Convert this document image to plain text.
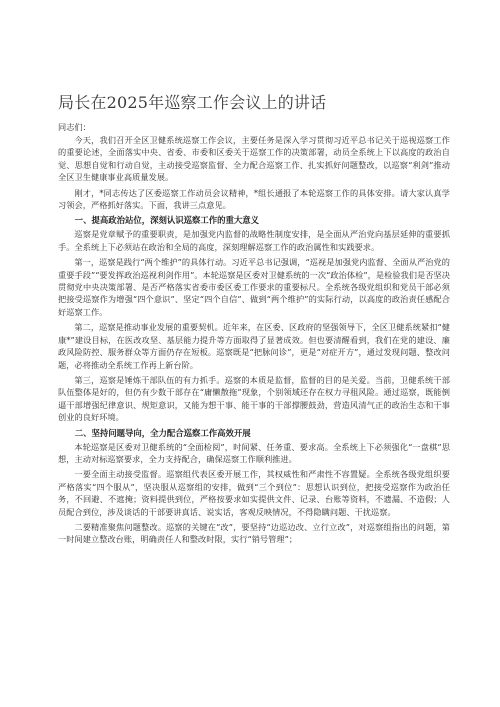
局长在2025年巡察工作会议上的讲话
同志们：

今天，我们召开全区卫健系统巡察工作会议，主要任务是深入学习贯彻习近平总书记关于巡视巡察工作的重要论述，全面落实中央、省委、市委和区委关于巡察工作的决策部署，动员全系统上下以高度的政治自觉、思想自觉和行动自觉，主动接受巡察监督、全力配合巡察工作、扎实抓好问题整改，以巡察“利剑”推动全区卫生健康事业高质量发展。

刚才，*同志传达了区委巡察工作动员会议精神，*组长通报了本轮巡察工作的具体安排。请大家认真学习领会，严格抓好落实。下面，我讲三点意见。

一、提高政治站位，深刻认识巡察工作的重大意义

巡察是党章赋予的重要职责，是加强党内监督的战略性制度安排，是全面从严治党向基层延伸的重要抓手。全系统上下必须站在政治和全局的高度，深刻理解巡察工作的政治属性和实践要求。

第一，巡察是践行“两个维护”的具体行动。习近平总书记强调，“巡视是加强党内监督、全面从严治党的重要手段”“要发挥政治巡视利剑作用”。本轮巡察是区委对卫健系统的一次“政治体检”，是检验我们是否坚决贯彻党中央决策部署、是否严格落实省委市委区委工作要求的重要标尺。全系统各级党组织和党员干部必须把接受巡察作为增强“四个意识”、坚定“四个自信”、做到“两个维护”的实际行动，以高度的政治责任感配合好巡察工作。

第二，巡察是推动事业发展的重要契机。近年来，在区委、区政府的坚强领导下，全区卫健系统紧扣“健康*”建设目标，在医改攻坚、基层能力提升等方面取得了显著成效。但也要清醒看到，我们在党的建设、廉政风险防控、服务群众等方面仍存在短板。巡察既是“把脉问诊”，更是“对症开方”，通过发现问题、整改问题，必将推动全系统工作再上新台阶。

第三，巡察是锤炼干部队伍的有力抓手。巡察的本质是监督，监督的目的是关爱。当前，卫健系统干部队伍整体是好的，但仍有少数干部存在“庸懒散拖”现象，个别领域还存在权力寻租风险。通过巡察，既能倒逼干部增强纪律意识、规矩意识，又能为想干事、能干事的干部撑腰鼓劲，营造风清气正的政治生态和干事创业的良好环境。

二、坚持问题导向，全力配合巡察工作高效开展

本轮巡察是区委对卫健系统的“全面检阅”，时间紧、任务重、要求高。全系统上下必须强化“一盘棋”思想，主动对标巡察要求，全力支持配合，确保巡察工作顺利推进。

一要全面主动接受监督。巡察组代表区委开展工作，其权威性和严肃性不容置疑。全系统各级党组织要严格落实“四个服从”，坚决服从巡察组的安排，做到“三个到位”：思想认识到位，把接受巡察作为政治任务，不回避、不遮掩；资料提供到位，严格按要求如实提供文件、记录、台账等资料，不遗漏、不造假；人员配合到位，涉及谈话的干部要讲真话、说实话，客观反映情况，不得隐瞒问题、干扰巡察。

二要精准聚焦问题整改。巡察的关键在“改”，要坚持“边巡边改、立行立改”，对巡察组指出的问题，第一时间建立整改台账，明确责任人和整改时限，实行“销号管理”；
